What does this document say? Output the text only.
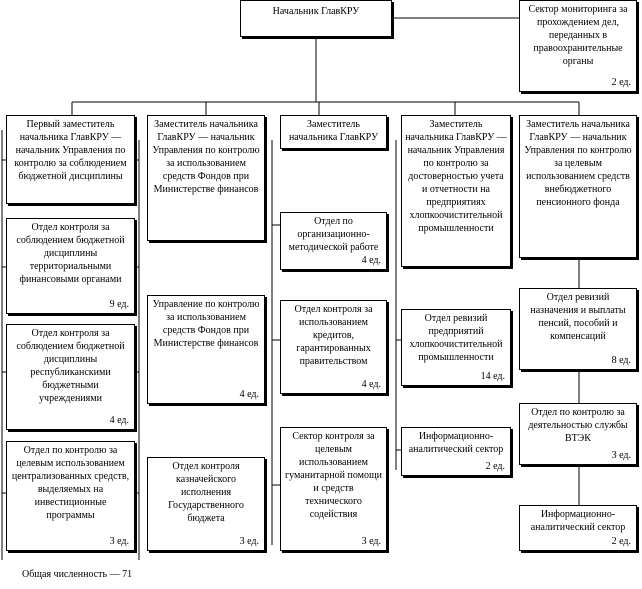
Начальник ГлавКРУ	Сектор мониторинга за прохождением дел, переданных в правоохранительные органы
2 ед.
Первый заместитель начальника ГлавКРУ — начальник Управления по контролю за соблюдением бюджетной дисциплины
Отдел контроля за соблюдением бюджетной дисциплины территориальными финансовыми органами
9 ед.
Отдел контроля за соблюдением бюджетной дисциплины республиканскими бюджетными учреждениями
4 ед.
Отдел по контролю за целевым использованием централизованных средств, выделяемых на инвестиционные программы
3 ед.
Заместитель начальника ГлавКРУ — начальник Управления по контролю за использованием средств Фондов при Министерстве финансов
Управление по контролю за использованием средств Фондов при Министерстве финансов
4 ед.
Отдел контроля казначейского исполнения Государственного бюджета
3 ед.
Заместитель начальника ГлавКРУ
Отдел по организационно-методической работе
4 ед.
Отдел контроля за использованием кредитов, гарантированных правительством
4 ед.
Сектор контроля за целевым использованием гуманитарной помощи и средств технического содействия
3 ед.
Заместитель начальника ГлавКРУ — начальник Управления по контролю за достоверностью учета и отчетности на предприятиях хлопкоочистительной промышленности
Отдел ревизий предприятий хлопкоочистительной промышленности
14 ед.
Информационно-аналитический сектор
2 ед.
Заместитель начальника ГлавКРУ — начальник Управления по контролю за целевым использованием средств внебюджетного пенсионного фонда
Отдел ревизий назначения и выплаты пенсий, пособий и компенсаций
8 ед.
Отдел по контролю за деятельностью службы ВТЭК
3 ед.
Информационно-аналитический сектор
2 ед.
Общая численность — 71
